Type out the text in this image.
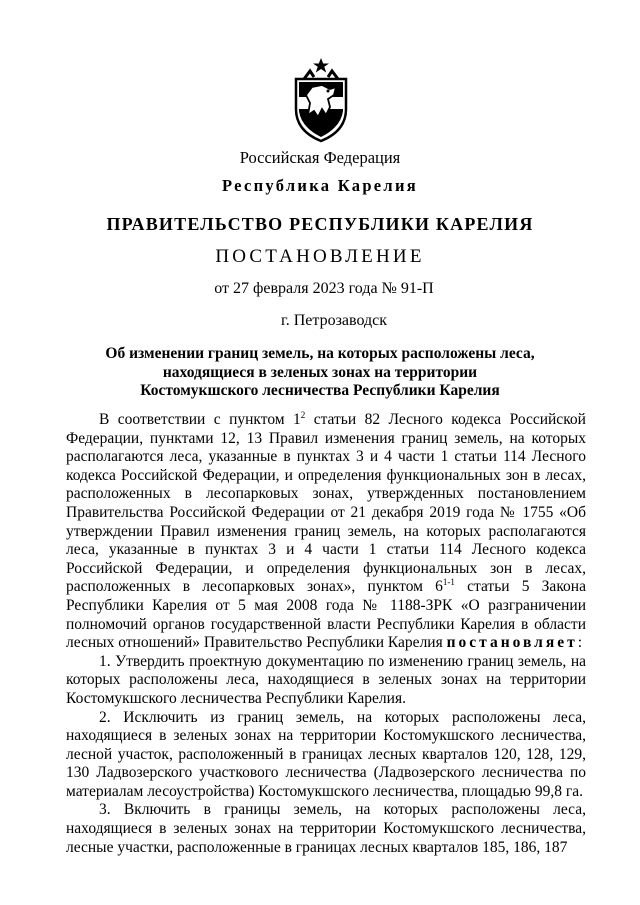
Российская Федерация
Республика Карелия
ПРАВИТЕЛЬСТВО РЕСПУБЛИКИ КАРЕЛИЯ
ПОСТАНОВЛЕНИЕ
от 27 февраля 2023 года № 91-П
г. Петрозаводск
Об изменении границ земель, на которых расположены леса,
находящиеся в зеленых зонах на территории
Костомукшского лесничества Республики Карелия

В соответствии с пунктом $1^2$ статьи 82 Лесного кодекса Российской Федерации, пунктами 12, 13 Правил изменения границ земель, на которых располагаются леса, указанные в пунктах 3 и 4 части 1 статьи 114 Лесного кодекса Российской Федерации, и определения функциональных зон в лесах, расположенных в лесопарковых зонах, утвержденных постановлением Правительства Российской Федерации от 21 декабря 2019 года № 1755 «Об утверждении Правил изменения границ земель, на которых располагаются леса, указанные в пунктах 3 и 4 части 1 статьи 114 Лесного кодекса Российской Федерации, и определения функциональных зон в лесах, расположенных в лесопарковых зонах», пунктом 6$^{1-1}$ статьи 5 Закона Республики Карелия от 5 мая 2008 года № 1188-ЗРК «О разграничении полномочий органов государственной власти Республики Карелия в области лесных отношений» Правительство Республики Карелия постановляет:

1. Утвердить проектную документацию по изменению границ земель, на которых расположены леса, находящиеся в зеленых зонах на территории Костомукшского лесничества Республики Карелия.

2. Исключить из границ земель, на которых расположены леса, находящиеся в зеленых зонах на территории Костомукшского лесничества, лесной участок, расположенный в границах лесных кварталов 120, 128, 129, 130 Ладвозерского участкового лесничества (Ладвозерского лесничества по материалам лесоустройства) Костомукшского лесничества, площадью 99,8 га.

3. Включить в границы земель, на которых расположены леса, находящиеся в зеленых зонах на территории Костомукшского лесничества, лесные участки, расположенные в границах лесных кварталов 185, 186, 187
